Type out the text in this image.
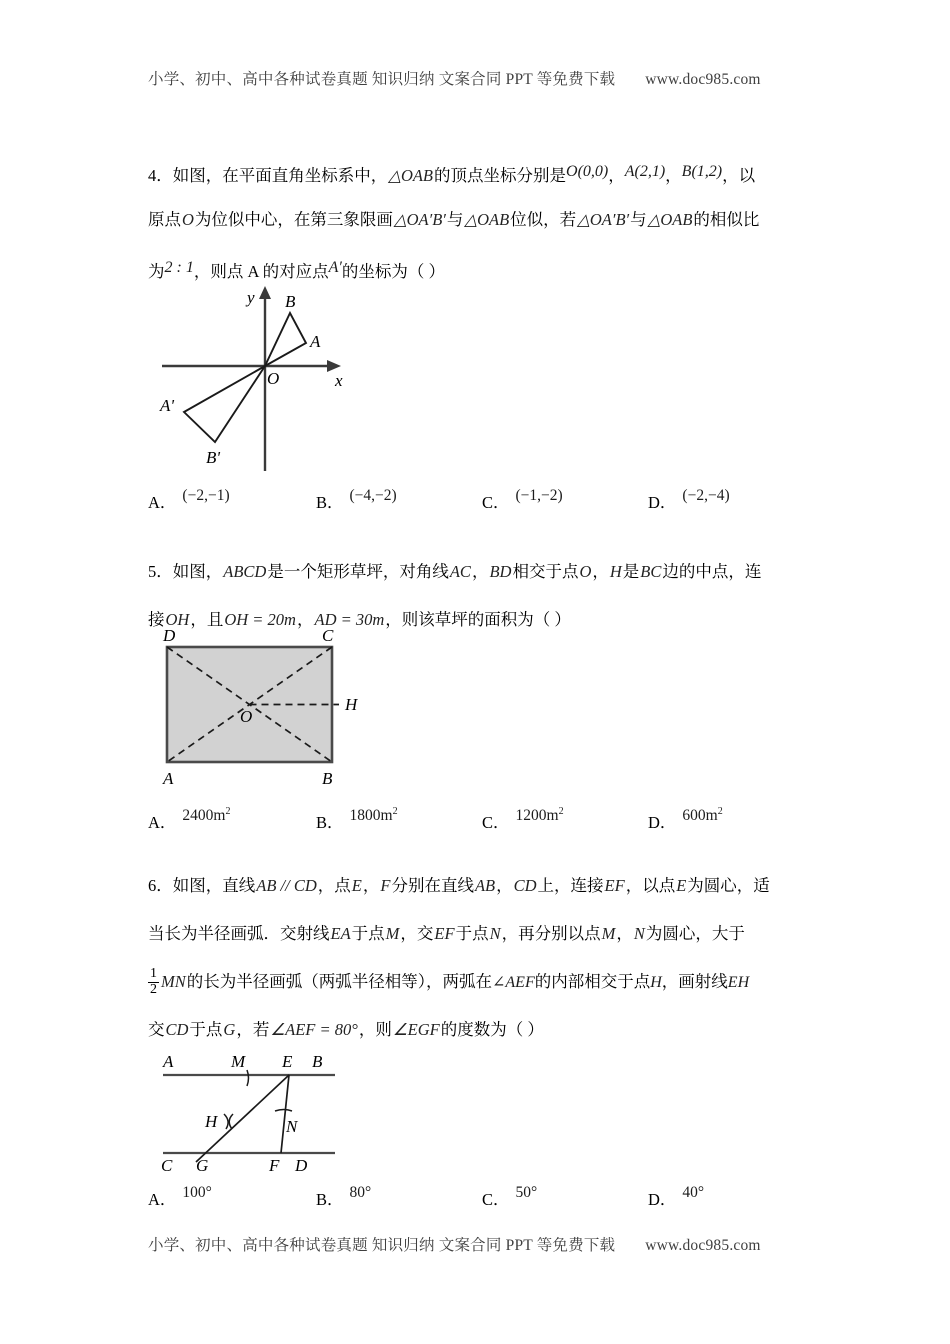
小学、初中、高中各种试卷真题 知识归纳 文案合同 PPT 等免费下载 www.doc985.com
4．如图，在平面直角坐标系中，△OAB的顶点坐标分别是O(0,0)，A(2,1)，B(1,2)，以
原点O为位似中心，在第三象限画△OA′B′与△OAB位似，若△OA′B′与△OAB的相似比
为2 : 1，则点 A 的对应点A′的坐标为（ ）
y
x
O
A
B
A'
B'
A． (−2,−1)	B． (−4,−2)	C． (−1,−2)	D． (−2,−4)
5．如图，ABCD是一个矩形草坪，对角线AC，BD相交于点O，H是BC边的中点，连
接OH，且OH = 20m，AD = 30m，则该草坪的面积为（ ）
D	C
A	B
O
H
A． $2400m^2$
B． $1800m^2$
C． $1200m^2$
D． $600m^2$
6．如图，直线AB // CD，点E，F分别在直线AB，CD上，连接EF，以点E为圆心，适
当长为半径画弧．交射线EA于点M，交EF于点N，再分别以点M，N为圆心，大于
$\frac{1}{2}$ MN的长为半径画弧（两弧半径相等），两弧在∠AEF的内部相交于点H，画射线EH
交CD于点G，若∠AEF = 80°，则∠EGF的度数为（ ）
A	M E B
H	N
C G	F D
A． 100°	B． 80°	C． 50°	D． 40°
小学、初中、高中各种试卷真题 知识归纳 文案合同 PPT 等免费下载 www.doc985.com
